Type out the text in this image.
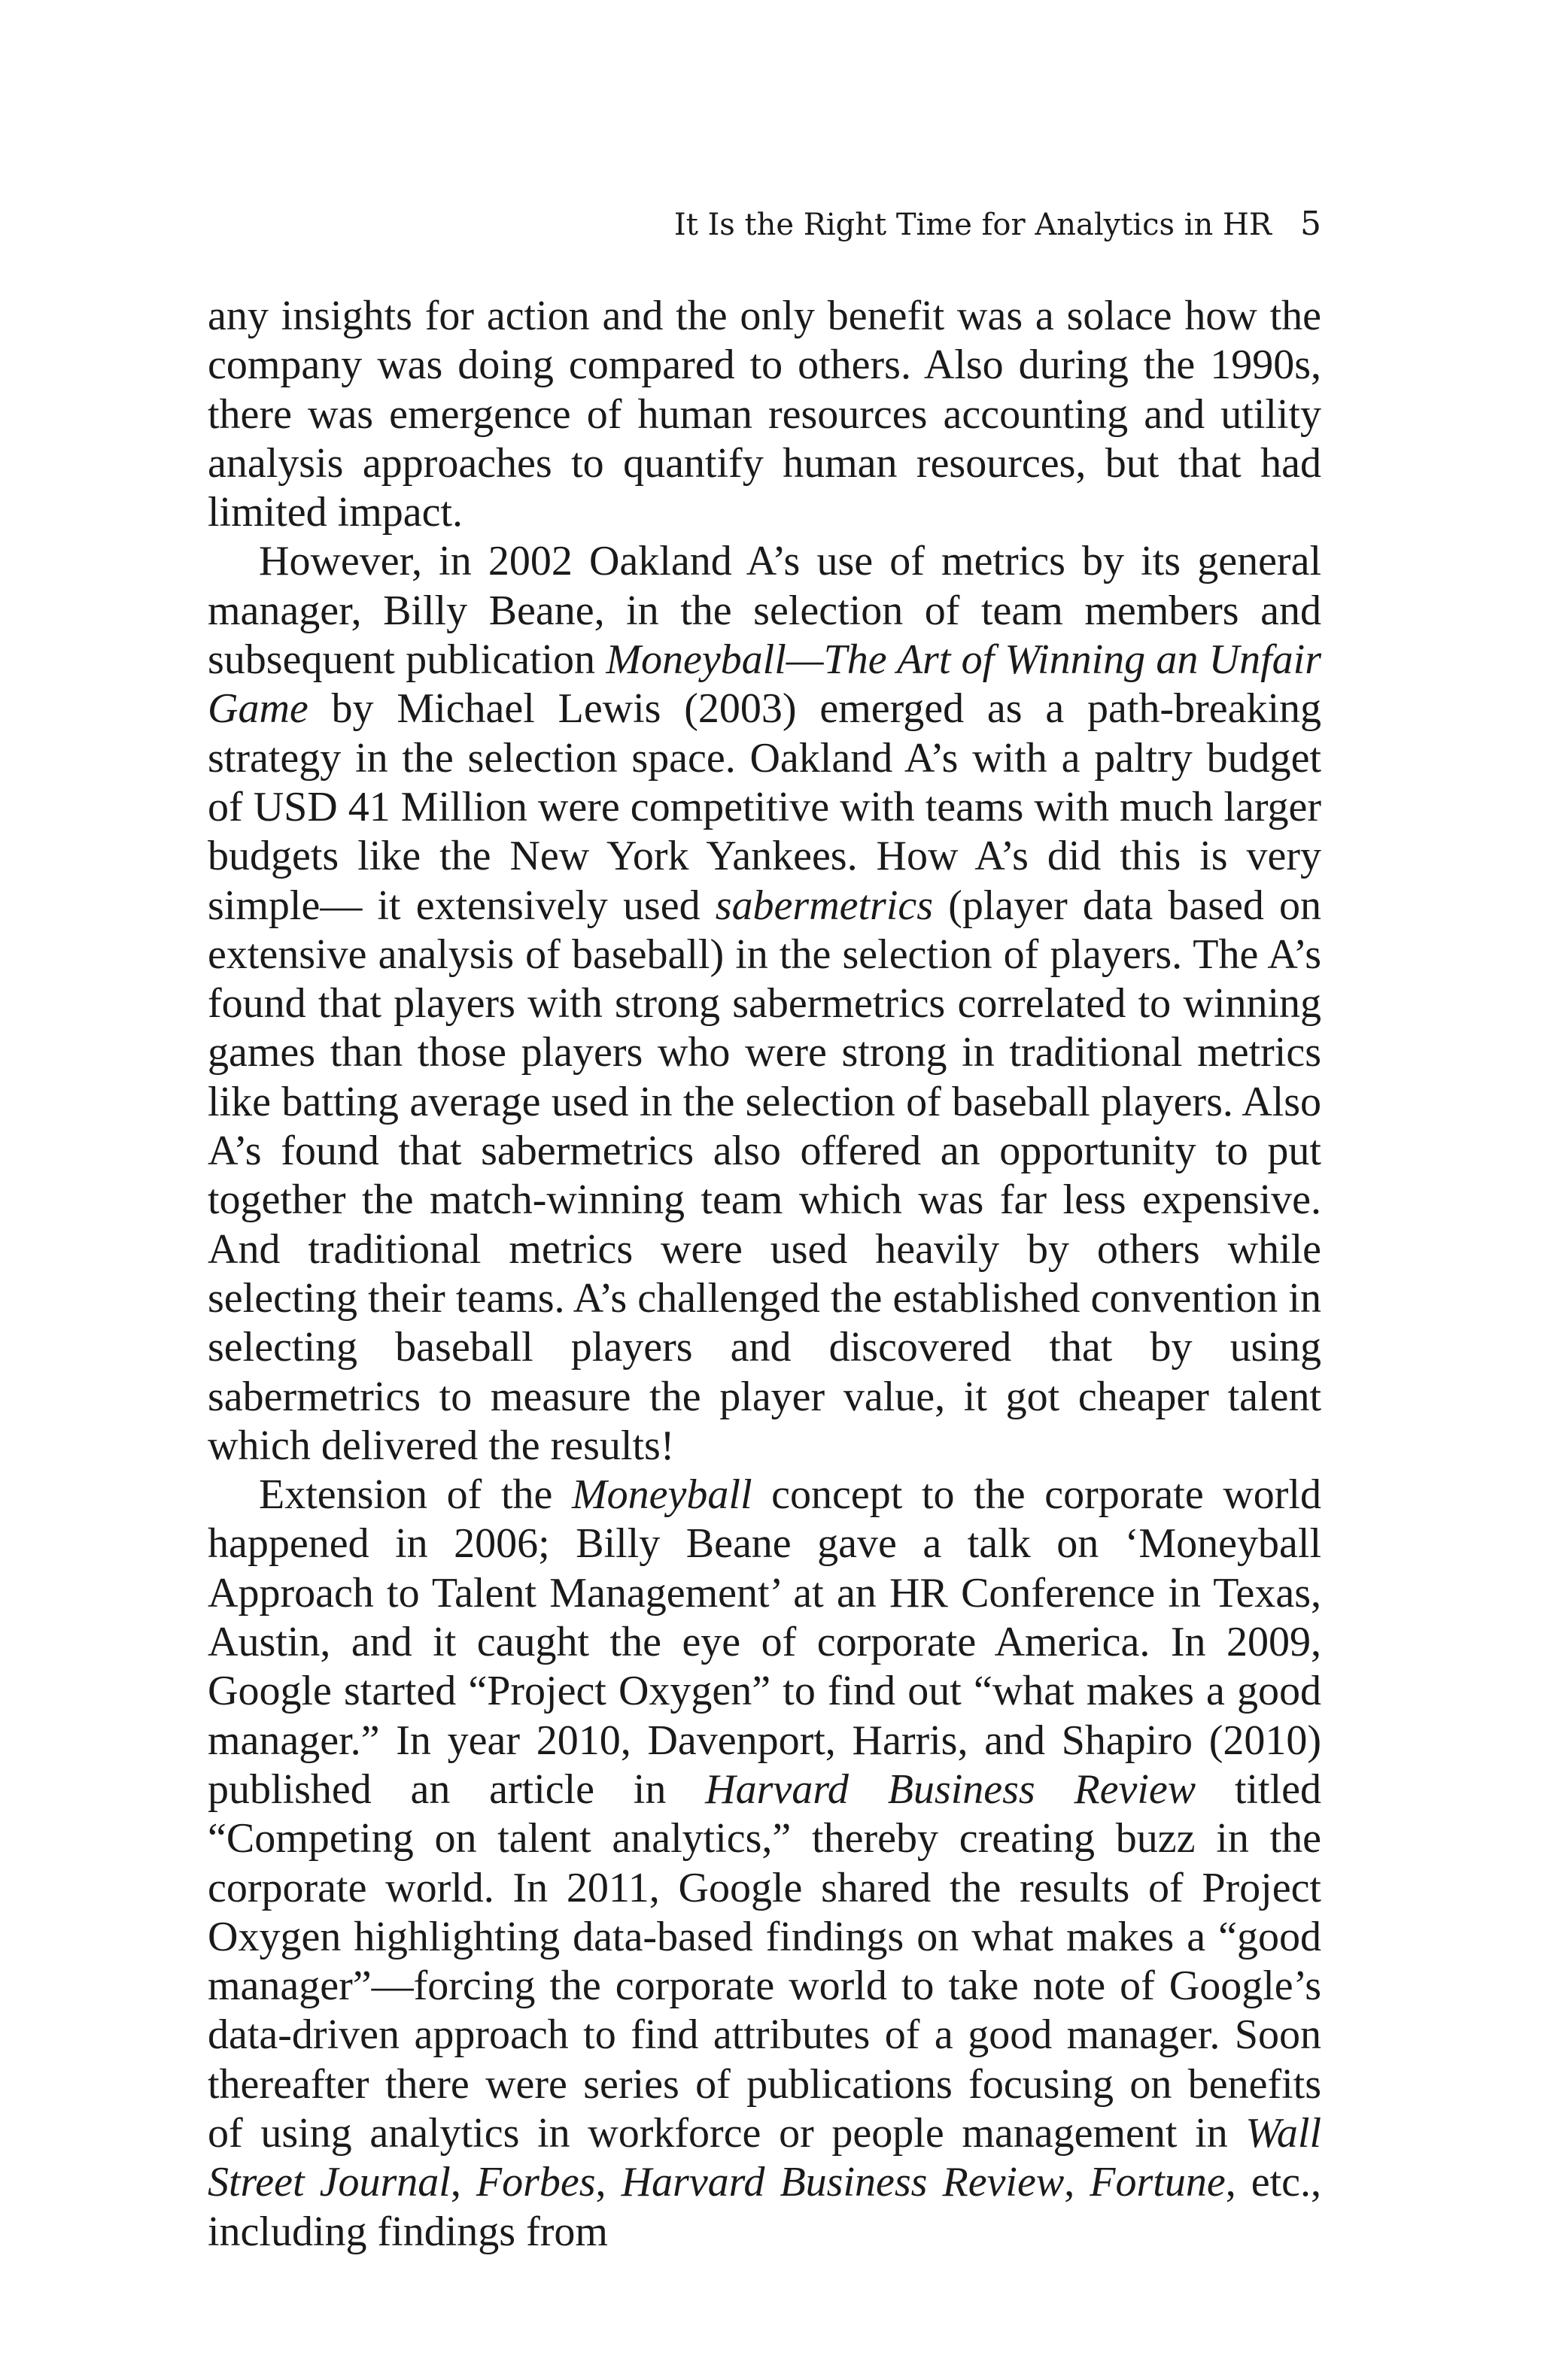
It Is the Right Time for Analytics in HR 5

any insights for action and the only benefit was a solace how the company was doing compared to others. Also during the 1990s, there was emergence of human resources accounting and utility analysis approaches to quantify human resources, but that had limited impact.

However, in 2002 Oakland A’s use of metrics by its general manager, Billy Beane, in the selection of team members and subsequent publication Moneyball—The Art of Winning an Unfair Game by Michael Lewis (2003) emerged as a path-breaking strategy in the selection space. Oakland A’s with a paltry budget of USD 41 Million were competitive with teams with much larger budgets like the New York Yankees. How A’s did this is very simple— it extensively used sabermetrics (player data based on extensive analysis of baseball) in the selection of players. The A’s found that players with strong sabermetrics correlated to winning games than those players who were strong in traditional metrics like batting average used in the selection of baseball players. Also A’s found that sabermetrics also offered an opportunity to put together the match-winning team which was far less expensive. And traditional metrics were used heavily by others while selecting their teams. A’s challenged the established convention in selecting baseball players and discovered that by using sabermetrics to measure the player value, it got cheaper talent which delivered the results!

Extension of the Moneyball concept to the corporate world happened in 2006; Billy Beane gave a talk on ‘Moneyball Approach to Talent Management’ at an HR Conference in Texas, Austin, and it caught the eye of corporate America. In 2009, Google started “Project Oxygen” to find out “what makes a good manager.” In year 2010, Davenport, Harris, and Shapiro (2010) published an article in Harvard Business Review titled “Competing on talent analytics,” thereby creating buzz in the corporate world. In 2011, Google shared the results of Project Oxygen highlighting data-based findings on what makes a “good manager”—forcing the corporate world to take note of Google’s data-driven approach to find attributes of a good manager. Soon thereafter there were series of publications focusing on benefits of using analytics in workforce or people management in Wall Street Journal, Forbes, Harvard Business Review, Fortune, etc., including findings from
